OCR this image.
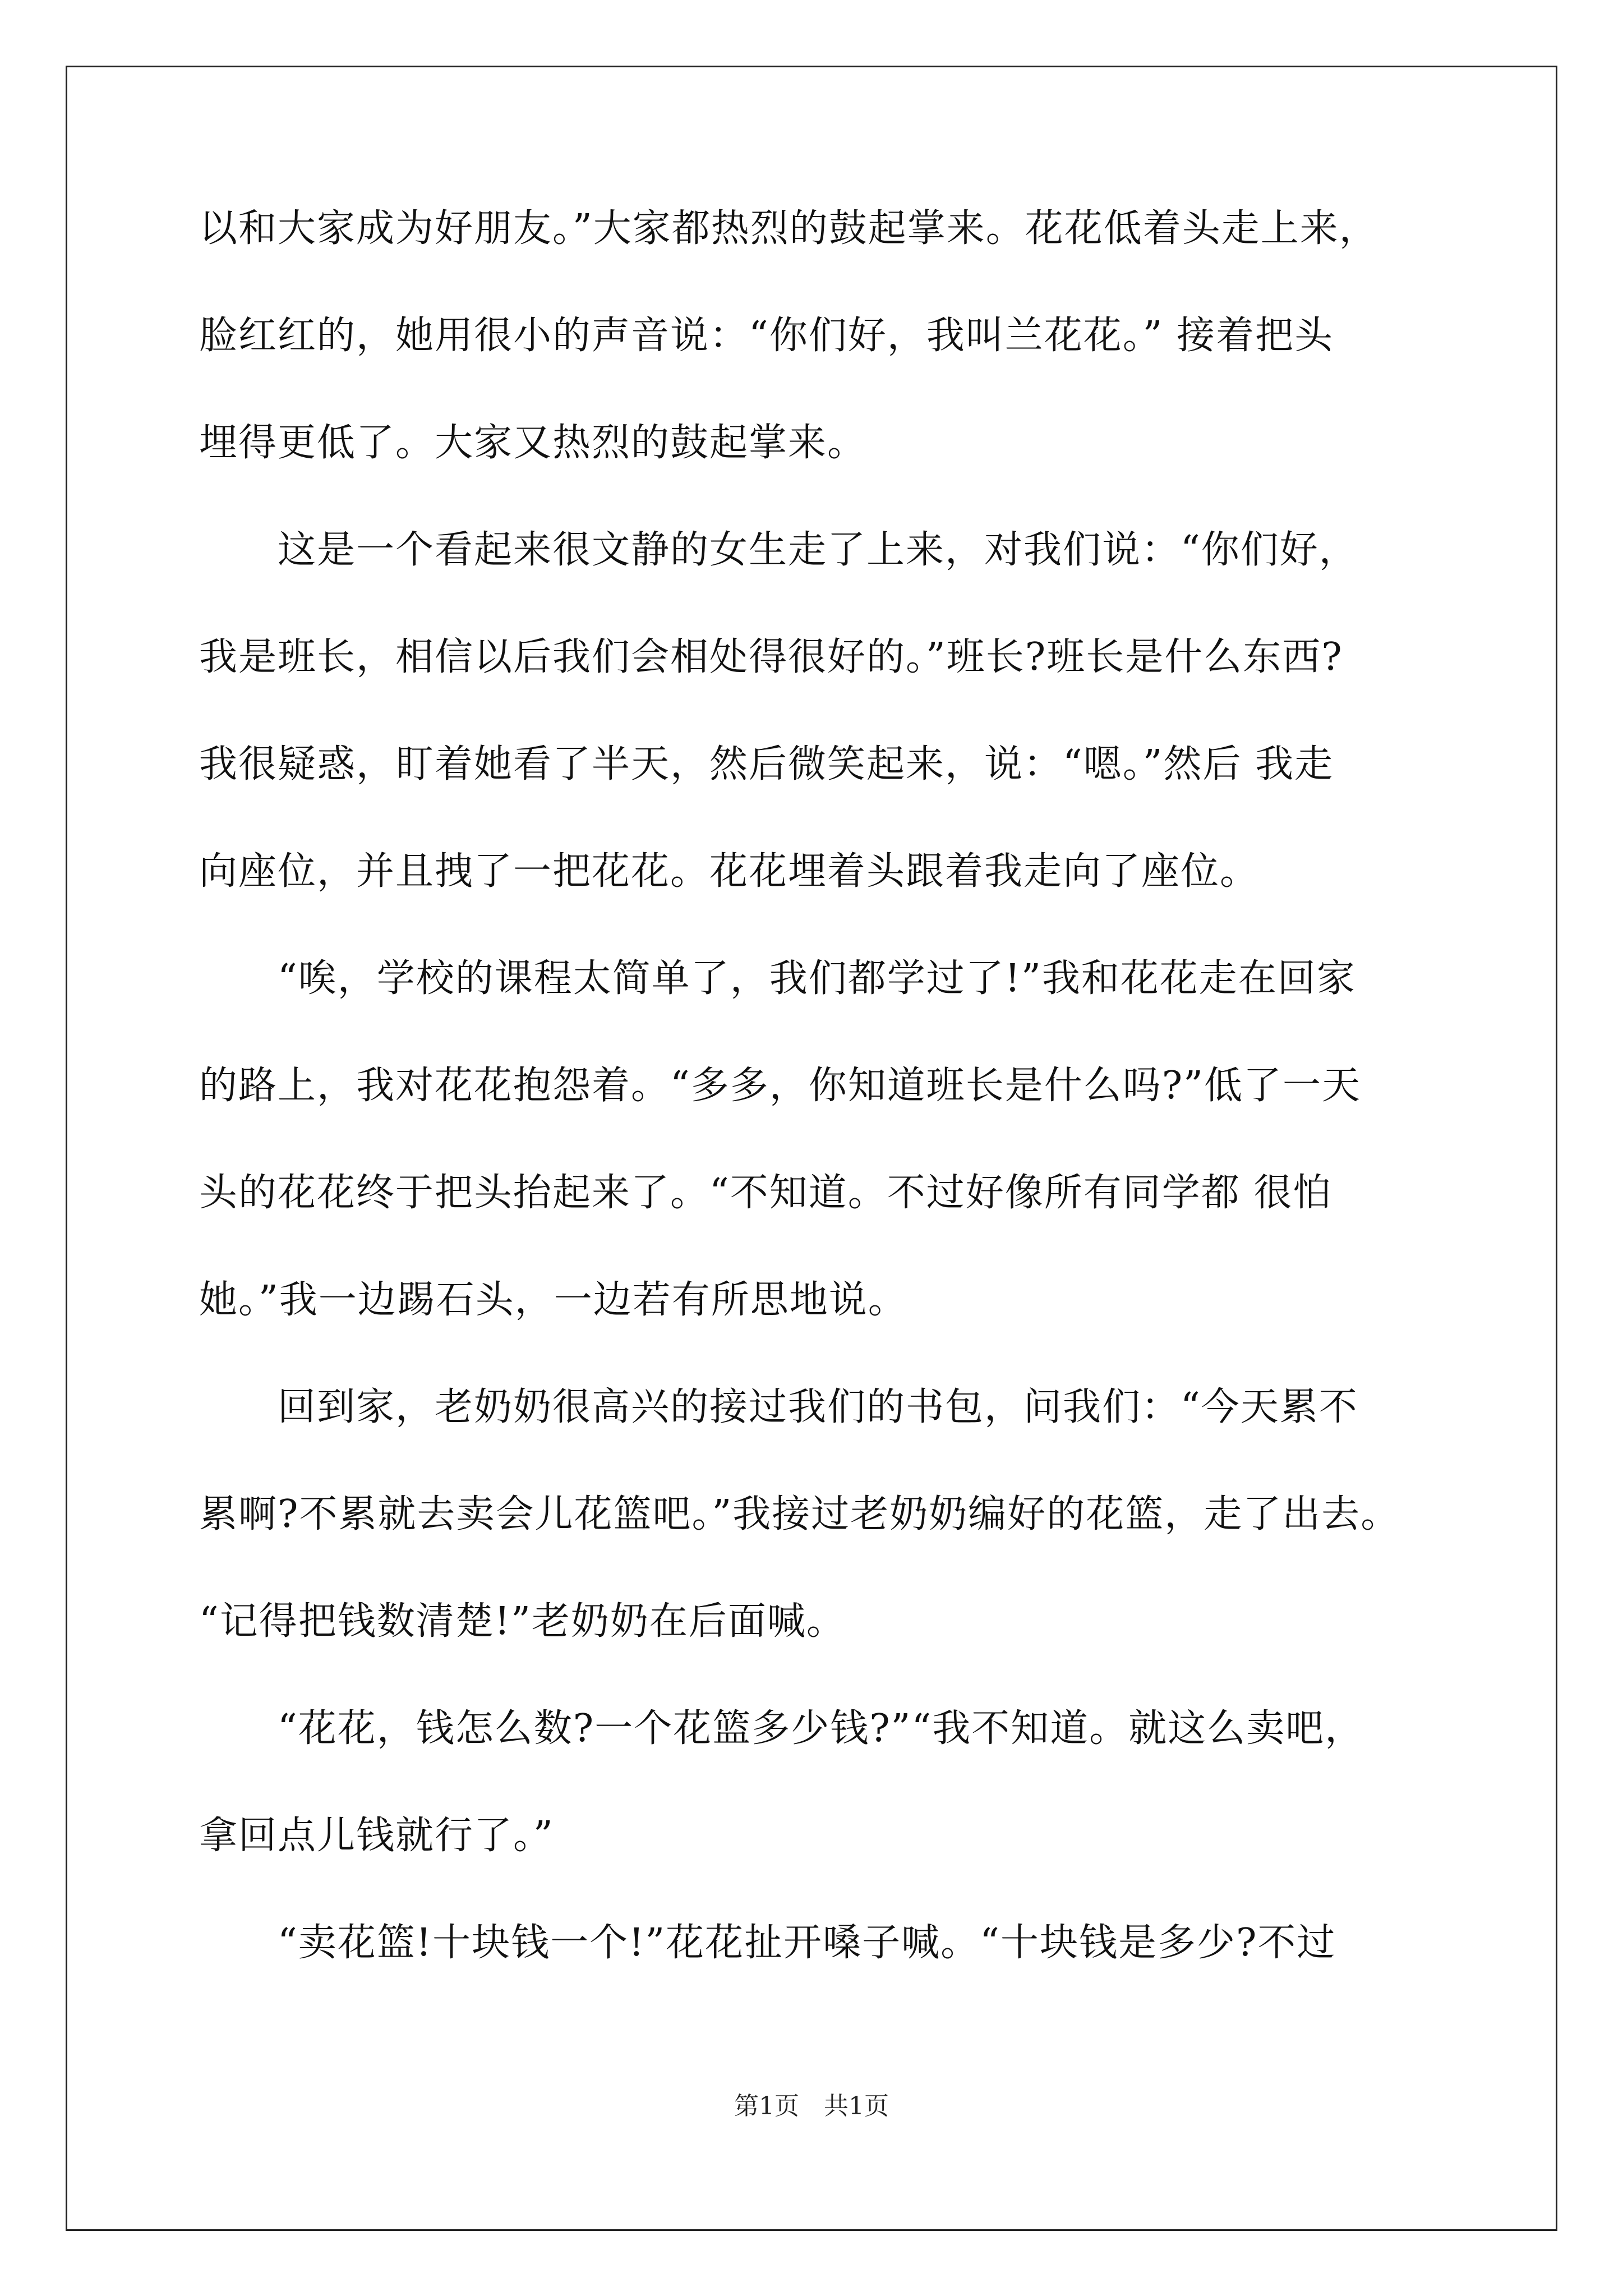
以和大家成为好朋友。”大家都热烈的鼓起掌来。花花低着头走上来，
脸红红的，她用很小的声音说：“你们好，我叫兰花花。” 接着把头
埋得更低了。大家又热烈的鼓起掌来。
　　这是一个看起来很文静的女生走了上来，对我们说：“你们好，
我是班长，相信以后我们会相处得很好的。”班长?班长是什么东西?
我很疑惑，盯着她看了半天，然后微笑起来，说：“嗯。”然后 我走
向座位，并且拽了一把花花。花花埋着头跟着我走向了座位。
　　“唉，学校的课程太简单了，我们都学过了!”我和花花走在回家
的路上，我对花花抱怨着。“多多，你知道班长是什么吗?”低了一天
头的花花终于把头抬起来了。“不知道。不过好像所有同学都 很怕
她。”我一边踢石头，一边若有所思地说。
　　回到家，老奶奶很高兴的接过我们的书包，问我们：“今天累不
累啊?不累就去卖会儿花篮吧。”我接过老奶奶编好的花篮，走了出去。
“记得把钱数清楚!”老奶奶在后面喊。
　　“花花，钱怎么数?一个花篮多少钱?”“我不知道。就这么卖吧，
拿回点儿钱就行了。”
　　“卖花篮!十块钱一个!”花花扯开嗓子喊。“十块钱是多少?不过
第1页　共1页
